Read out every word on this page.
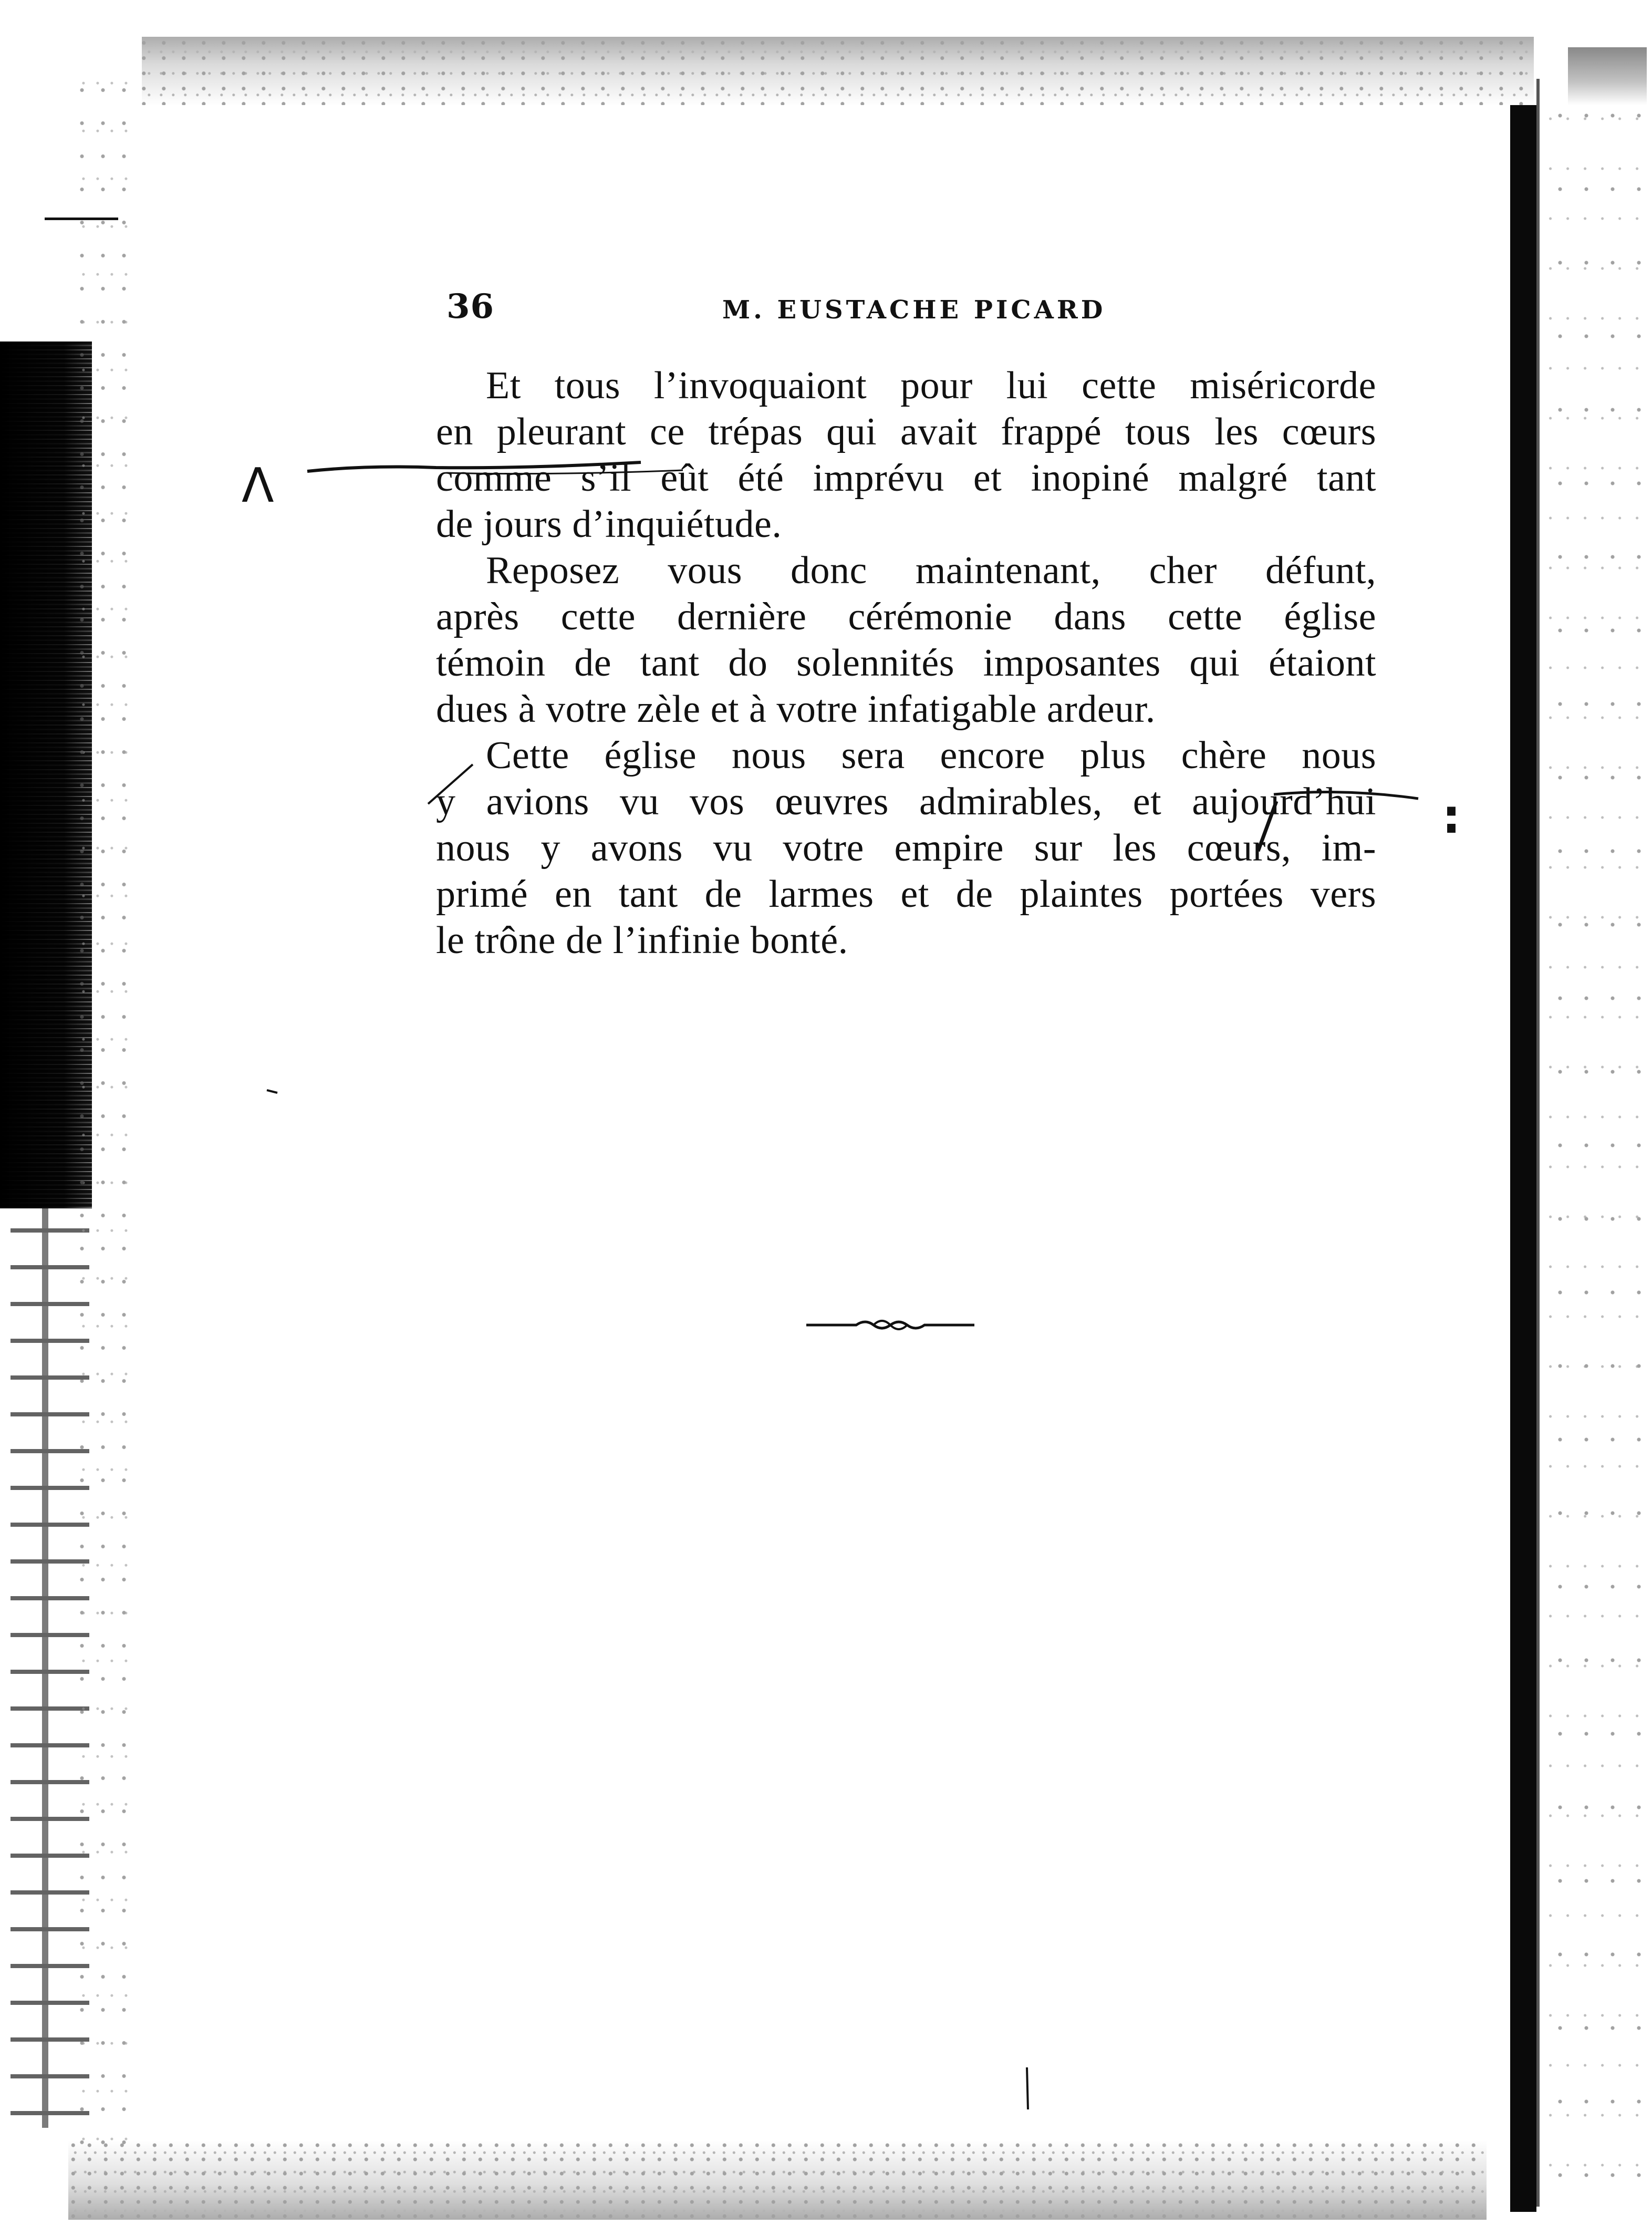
36	M. EUSTACHE PICARD
Et tous l’invoquaiont pour lui cette miséricorde
en pleurant ce trépas qui avait frappé tous les cœurs
comme s’il eût été imprévu et inopiné malgré tant
de jours d’inquiétude.
Reposez vous donc maintenant, cher défunt,
après cette dernière cérémonie dans cette église
témoin de tant do solennités imposantes qui étaiont
dues à votre zèle et à votre infatigable ardeur.
Cette église nous sera encore plus chère nous
y avions vu vos œuvres admirables, et aujourd’hui
nous y avons vu votre empire sur les cœurs, im-
primé en tant de larmes et de plaintes portées vers
le trône de l’infinie bonté.
Λ
:
